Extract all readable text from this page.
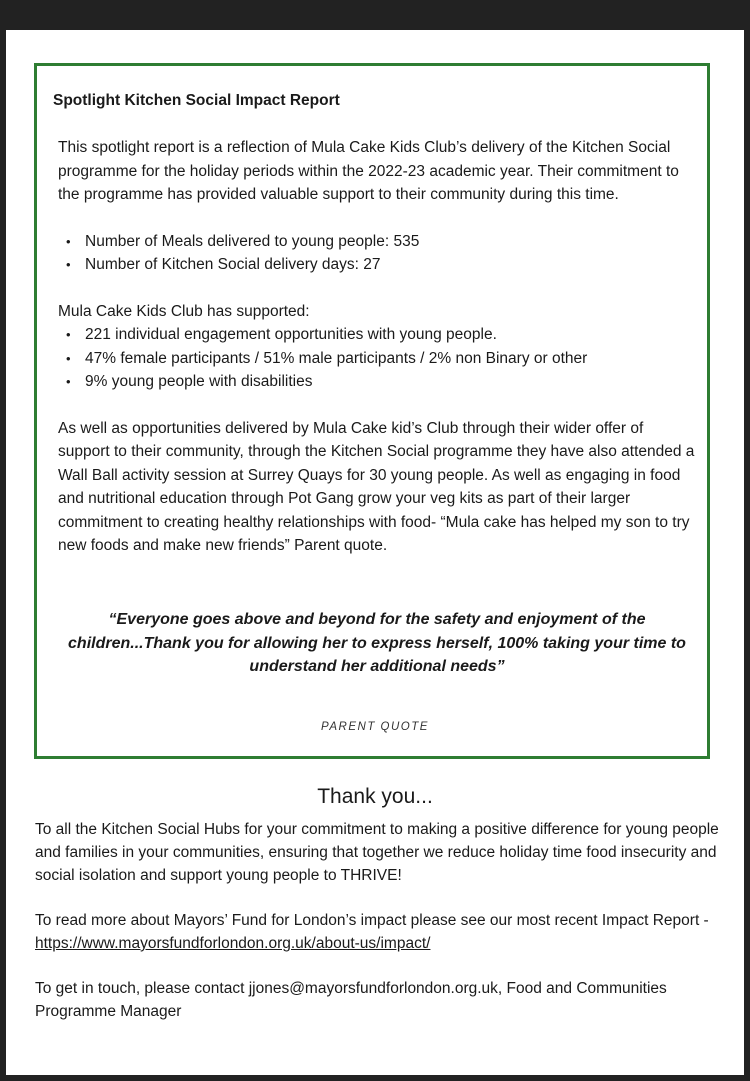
Spotlight Kitchen Social Impact Report

This spotlight report is a reflection of Mula Cake Kids Club’s delivery of the Kitchen Social programme for the holiday periods within the 2022-23 academic year. Their commitment to the programme has provided valuable support to their community during this time.

• Number of Meals delivered to young people: 535
• Number of Kitchen Social delivery days: 27

Mula Cake Kids Club has supported:

• 221 individual engagement opportunities with young people.
• 47% female participants / 51% male participants / 2% non Binary or other
• 9% young people with disabilities

As well as opportunities delivered by Mula Cake kid’s Club through their wider offer of support to their community, through the Kitchen Social programme they have also attended a Wall Ball activity session at Surrey Quays for 30 young people. As well as engaging in food and nutritional education through Pot Gang grow your veg kits as part of their larger commitment to creating healthy relationships with food- “Mula cake has helped my son to try new foods and make new friends” Parent quote.

“Everyone goes above and beyond for the safety and enjoyment of the children...Thank you for allowing her to express herself, 100% taking your time to understand her additional needs”

PARENT QUOTE
Thank you...

To all the Kitchen Social Hubs for your commitment to making a positive difference for young people and families in your communities, ensuring that together we reduce holiday time food insecurity and social isolation and support young people to THRIVE!

To read more about Mayors’ Fund for London’s impact please see our most recent Impact Report - https://www.mayorsfundforlondon.org.uk/about-us/impact/

To get in touch, please contact jjones@mayorsfundforlondon.org.uk, Food and Communities Programme Manager
